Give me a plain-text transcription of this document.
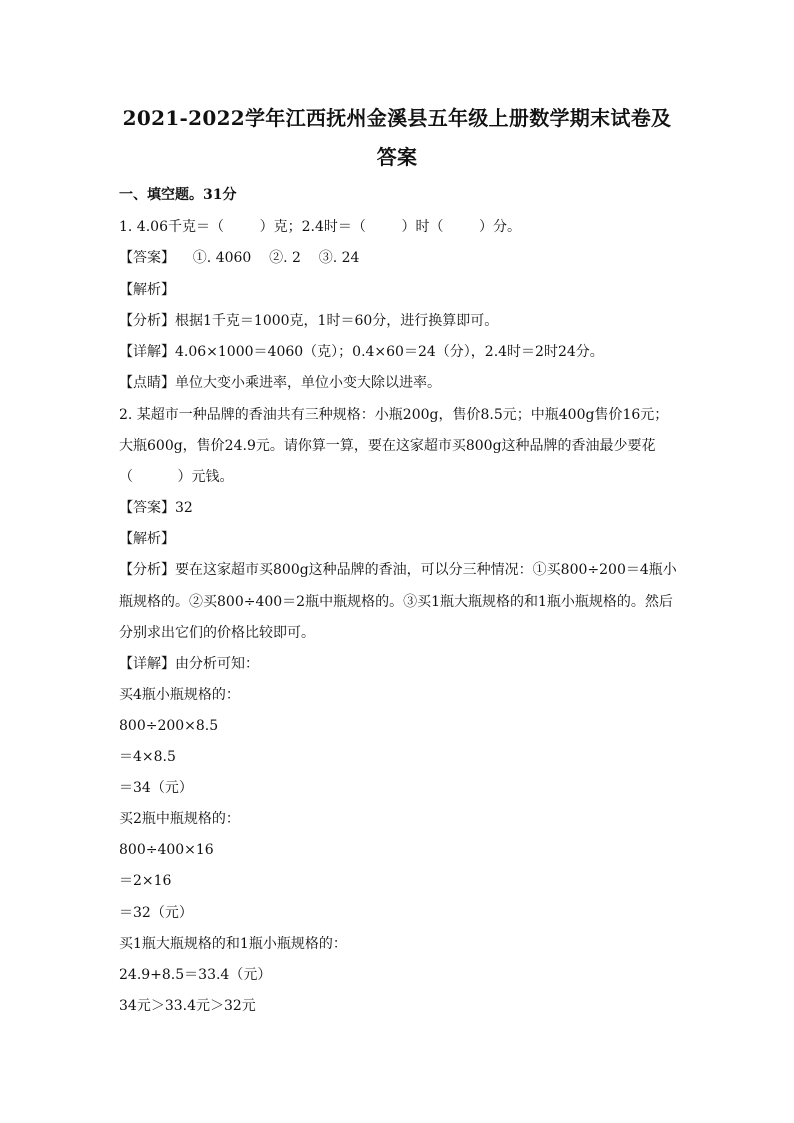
2021-2022学年江西抚州金溪县五年级上册数学期末试卷及
答案
一、填空题。31分
1. 4.06千克＝（        ）克；2.4时＝（        ）时（        ）分。
【答案】    ①. 4060    ②. 2    ③. 24
【解析】
【分析】根据1千克＝1000克，1时＝60分，进行换算即可。
【详解】4.06×1000＝4060（克）；0.4×60＝24（分），2.4时＝2时24分。
【点睛】单位大变小乘进率，单位小变大除以进率。
2. 某超市一种品牌的香油共有三种规格：小瓶200g，售价8.5元；中瓶400g售价16元；
大瓶600g，售价24.9元。请你算一算，要在这家超市买800g这种品牌的香油最少要花
（          ）元钱。
【答案】32
【解析】
【分析】要在这家超市买800g这种品牌的香油，可以分三种情况：①买800÷200＝4瓶小
瓶规格的。②买800÷400＝2瓶中瓶规格的。③买1瓶大瓶规格的和1瓶小瓶规格的。然后
分别求出它们的价格比较即可。
【详解】由分析可知：
买4瓶小瓶规格的：
800÷200×8.5
＝4×8.5
＝34（元）
买2瓶中瓶规格的：
800÷400×16
＝2×16
＝32（元）
买1瓶大瓶规格的和1瓶小瓶规格的：
24.9+8.5＝33.4（元）
34元＞33.4元＞32元
